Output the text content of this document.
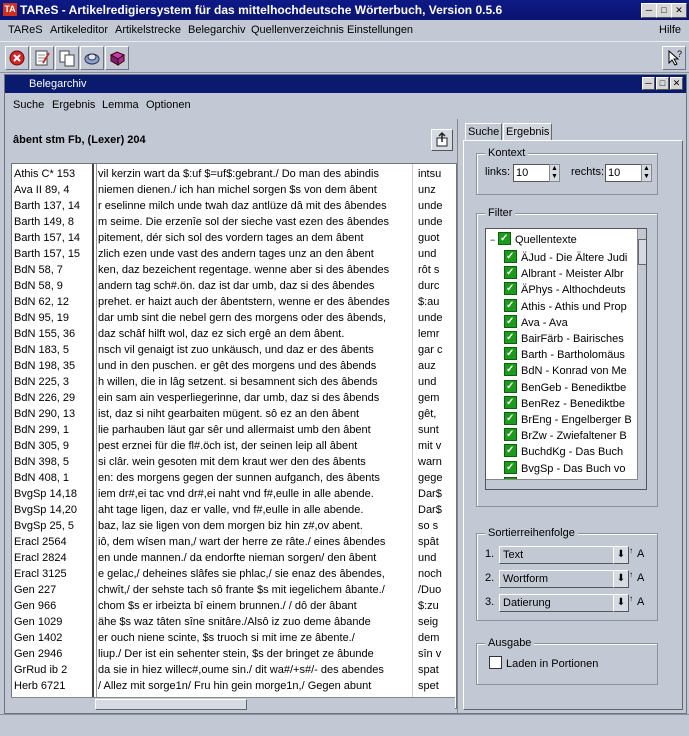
TA TAReS - Artikelredigiersystem für das mittelhochdeutsche Wörterbuch, Version 0.5.6	─	□ ✕
TAReS Artikeleditor Artikelstrecke Belegarchiv Quellenverzeichnis Einstellungen	Hilfe
?
Belegarchiv	─ □ ✕
Suche Ergebnis Lemma Optionen
âbent stm Fb, (Lexer) 204
Athis C* 153	vil kerzin wart da $:uf $=uf$:gebrant./ Do man des abindis	intsu
Ava II 89, 4	niemen dienen./ ich han michel sorgen $s von dem âbent	unz
Barth 137, 14	r eselinne milch unde twah daz antlüze dâ mit des âbendes	unde
Barth 149, 8	m seime. Die erzenîe sol der sieche vast ezen des âbendes	unde
Barth 157, 14	pitement, dér sich sol des vordern tages an dem âbent	guot
Barth 157, 15	zlich ezen unde vast des andern tages unz an den âbent	und
BdN 58, 7	ken, daz bezeichent regentage. wenne aber si des âbendes	rôt s
BdN 58, 9	andern tag sch#.ön. daz ist dar umb, daz si des âbendes	durc
BdN 62, 12	prehet. er haizt auch der âbentstern, wenne er des âbendes	$:au
BdN 95, 19	dar umb sint die nebel gern des morgens oder des âbends,	unde
BdN 155, 36	daz schâf hilft wol, daz ez sich ergê an dem âbent.	lemr
BdN 183, 5	nsch vil genaigt ist zuo unkäusch, und daz er des âbents	gar c
BdN 198, 35	und in den puschen. er gêt des morgens und des âbends	auz
BdN 225, 3	h willen, die in lâg setzent. si besamnent sich des âbends	und
BdN 226, 29	ein sam ain vesperliegerinne, dar umb, daz si des âbends	gem
BdN 290, 13	ist, daz si niht gearbaiten mügent. sô ez an den âbent	gêt,
BdN 299, 1	lie parhauben läut gar sêr und allermaist umb den âbent	sunt
BdN 305, 9	pest erznei für die fl#.öch ist, der seinen leip all âbent	mit v
BdN 398, 5	si clâr. wein gesoten mit dem kraut wer den des âbents	warn
BdN 408, 1	en: des morgens gegen der sunnen aufganch, des âbents	gege
BvgSp 14,18	iem dr#,ei tac vnd dr#,ei naht vnd f#,eulle in alle abende.	Dar$
BvgSp 14,20	aht tage ligen, daz er valle, vnd f#,eulle in alle abende.	Dar$
BvgSp 25, 5	baz, laz sie ligen von dem morgen biz hin z#,ov abent.	so s
Eracl 2564	iô, dem wîsen man,/ wart der herre ze râte./ eines âbendes	spât
Eracl 2824	en unde mannen./ da endorfte nieman sorgen/ den âbent	und
Eracl 3125	e gelac,/ deheines slâfes sie phlac,/ sie enaz des âbendes,	noch
Gen 227	chwît,/ der sehste tach sô frante $s mit iegelichem âbante./	/Duo
Gen 966	chom $s er irbeizta bî einem brunnen./ / dô der âbant	$:zu
Gen 1029	ähe $s waz tâten sîne snitâre./Alsô iz zuo deme âbande	seig
Gen 1402	er ouch niene scinte, $s truoch si mit ime ze âbente./	dem
Gen 2946	liup./ Der ist ein sehenter stein, $s der bringet ze âbunde	sîn v
GrRud ib 2	da sie in hiez willec#,oume sin./ dit wa#/+s#/- des abendes	spat
Herb 6721	/ Allez mit sorge1n/ Fru hin gein morge1n,/ Gegen abunt	spet
Suche Ergebnis
Kontext
links: 10	▲
▼ rechts: 10	▲
▼
Filter
−✓ Quellentexte
✓ÄJud - Die Ältere Judi
✓Albrant - Meister Albr
✓ÄPhys - Althochdeuts
✓Athis - Athis und Prop
✓Ava - Ava
✓BairFärb - Bairisches
✓Barth - Bartholomäus
✓BdN - Konrad von Me
✓BenGeb - Benediktbe
✓BenRez - Benediktbe
✓BrEng - Engelberger B
✓BrZw - Zwiefaltener B
✓BuchdKg - Das Buch
✓BvgSp - Das Buch vo
✓
Sortierreihenfolge
1. Text	⬇ ↑ A
2. Wortform	⬇ ↑ A
3. Datierung	⬇ ↑ A
Ausgabe
Laden in Portionen
